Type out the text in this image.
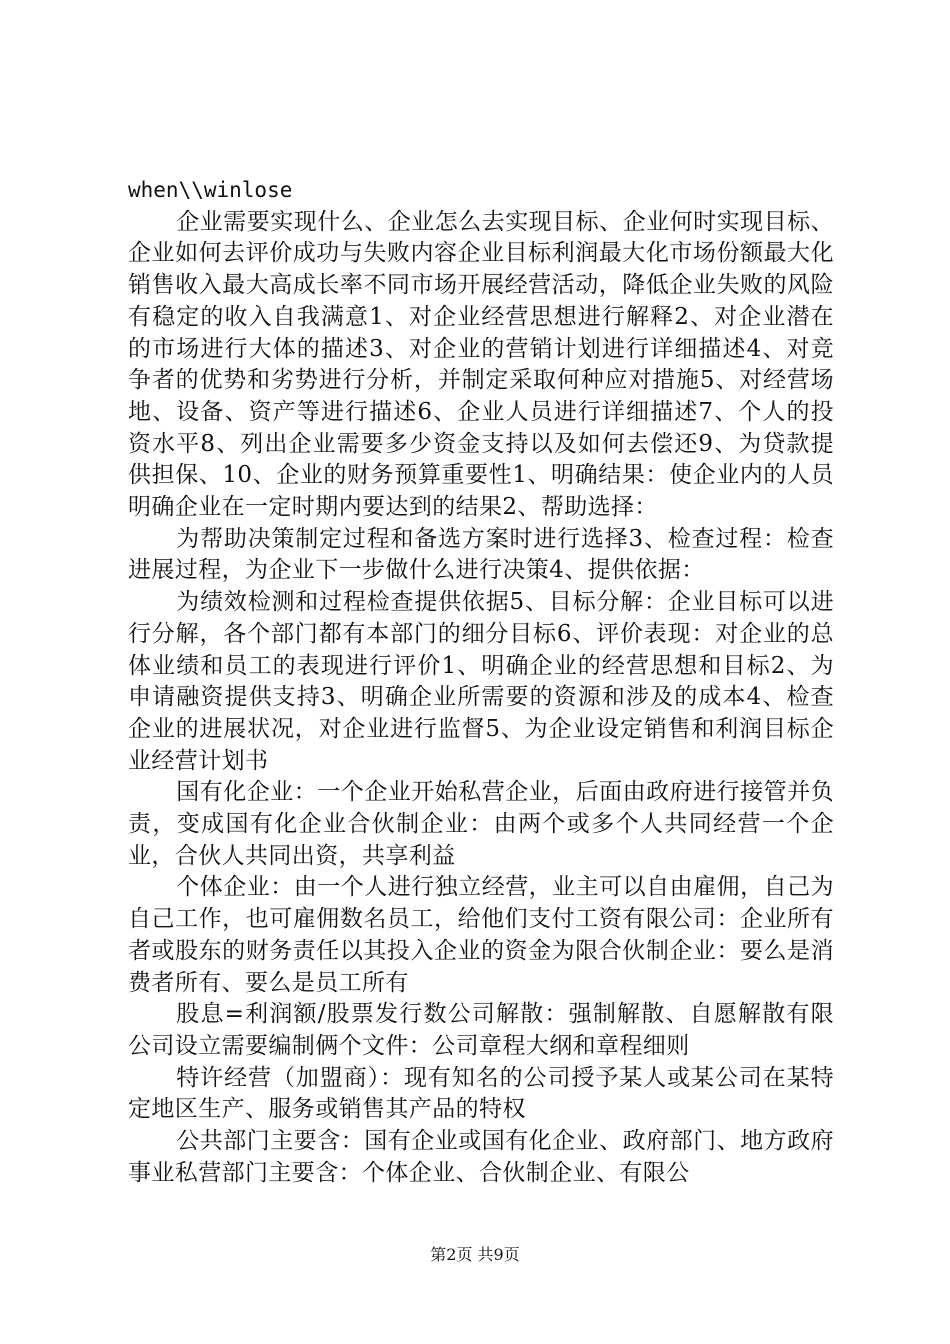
when\\winlose

企业需要实现什么、企业怎么去实现目标、企业何时实现目标、企业如何去评价成功与失败内容企业目标利润最大化市场份额最大化销售收入最大高成长率不同市场开展经营活动，降低企业失败的风险有稳定的收入自我满意1、对企业经营思想进行解释2、对企业潜在的市场进行大体的描述3、对企业的营销计划进行详细描述4、对竞争者的优势和劣势进行分析，并制定采取何种应对措施5、对经营场地、设备、资产等进行描述6、企业人员进行详细描述7、个人的投资水平8、列出企业需要多少资金支持以及如何去偿还9、为贷款提供担保、10、企业的财务预算重要性1、明确结果：使企业内的人员明确企业在一定时期内要达到的结果2、帮助选择：

为帮助决策制定过程和备选方案时进行选择3、检查过程：检查进展过程，为企业下一步做什么进行决策4、提供依据：

为绩效检测和过程检查提供依据5、目标分解：企业目标可以进行分解，各个部门都有本部门的细分目标6、评价表现：对企业的总体业绩和员工的表现进行评价1、明确企业的经营思想和目标2、为申请融资提供支持3、明确企业所需要的资源和涉及的成本4、检查企业的进展状况，对企业进行监督5、为企业设定销售和利润目标企业经营计划书

国有化企业：一个企业开始私营企业，后面由政府进行接管并负责，变成国有化企业合伙制企业：由两个或多个人共同经营一个企业，合伙人共同出资，共享利益

个体企业：由一个人进行独立经营，业主可以自由雇佣，自己为自己工作，也可雇佣数名员工，给他们支付工资有限公司：企业所有者或股东的财务责任以其投入企业的资金为限合伙制企业：要么是消费者所有、要么是员工所有

股息=利润额/股票发行数公司解散：强制解散、自愿解散有限公司设立需要编制俩个文件：公司章程大纲和章程细则

特许经营（加盟商）：现有知名的公司授予某人或某公司在某特定地区生产、服务或销售其产品的特权

公共部门主要含：国有企业或国有化企业、政府部门、地方政府事业私营部门主要含：个体企业、合伙制企业、有限公

第2页 共9页
